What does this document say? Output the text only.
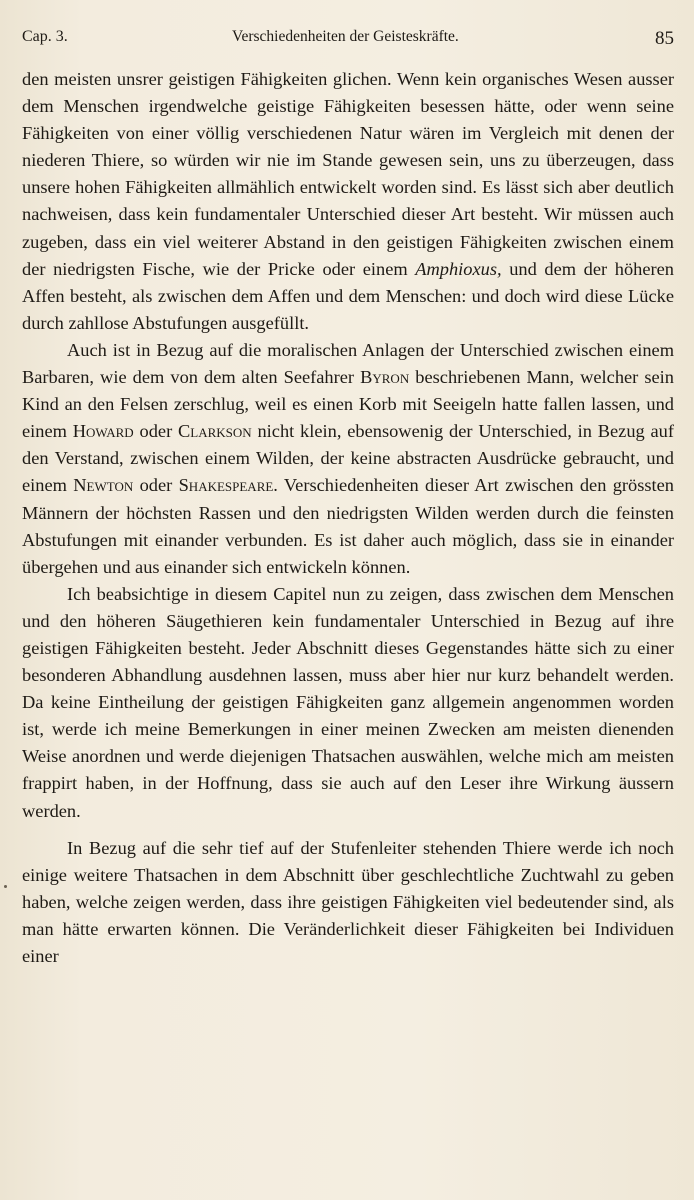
Cap. 3.	Verschiedenheiten der Geisteskräfte.	85

den meisten unsrer geistigen Fähigkeiten glichen. Wenn kein organisches Wesen ausser dem Menschen irgendwelche geistige Fähigkeiten besessen hätte, oder wenn seine Fähigkeiten von einer völlig verschiedenen Natur wären im Vergleich mit denen der niederen Thiere, so würden wir nie im Stande gewesen sein, uns zu überzeugen, dass unsere hohen Fähigkeiten allmählich entwickelt worden sind. Es lässt sich aber deutlich nachweisen, dass kein fundamentaler Unterschied dieser Art besteht. Wir müssen auch zugeben, dass ein viel weiterer Abstand in den geistigen Fähigkeiten zwischen einem der niedrigsten Fische, wie der Pricke oder einem Amphioxus, und dem der höheren Affen besteht, als zwischen dem Affen und dem Menschen: und doch wird diese Lücke durch zahllose Abstufungen ausgefüllt.

Auch ist in Bezug auf die moralischen Anlagen der Unterschied zwischen einem Barbaren, wie dem von dem alten Seefahrer Byron beschriebenen Mann, welcher sein Kind an den Felsen zerschlug, weil es einen Korb mit Seeigeln hatte fallen lassen, und einem Howard oder Clarkson nicht klein, ebensowenig der Unterschied, in Bezug auf den Verstand, zwischen einem Wilden, der keine abstracten Ausdrücke gebraucht, und einem Newton oder Shakespeare. Verschiedenheiten dieser Art zwischen den grössten Männern der höchsten Rassen und den niedrigsten Wilden werden durch die feinsten Abstufungen mit einander verbunden. Es ist daher auch möglich, dass sie in einander übergehen und aus einander sich entwickeln können.

Ich beabsichtige in diesem Capitel nun zu zeigen, dass zwischen dem Menschen und den höheren Säugethieren kein fundamentaler Unterschied in Bezug auf ihre geistigen Fähigkeiten besteht. Jeder Abschnitt dieses Gegenstandes hätte sich zu einer besonderen Abhandlung ausdehnen lassen, muss aber hier nur kurz behandelt werden. Da keine Eintheilung der geistigen Fähigkeiten ganz allgemein angenommen worden ist, werde ich meine Bemerkungen in einer meinen Zwecken am meisten dienenden Weise anordnen und werde diejenigen Thatsachen auswählen, welche mich am meisten frappirt haben, in der Hoffnung, dass sie auch auf den Leser ihre Wirkung äussern werden.

In Bezug auf die sehr tief auf der Stufenleiter stehenden Thiere werde ich noch einige weitere Thatsachen in dem Abschnitt über geschlechtliche Zuchtwahl zu geben haben, welche zeigen werden, dass ihre geistigen Fähigkeiten viel bedeutender sind, als man hätte erwarten können. Die Veränderlichkeit dieser Fähigkeiten bei Individuen einer
